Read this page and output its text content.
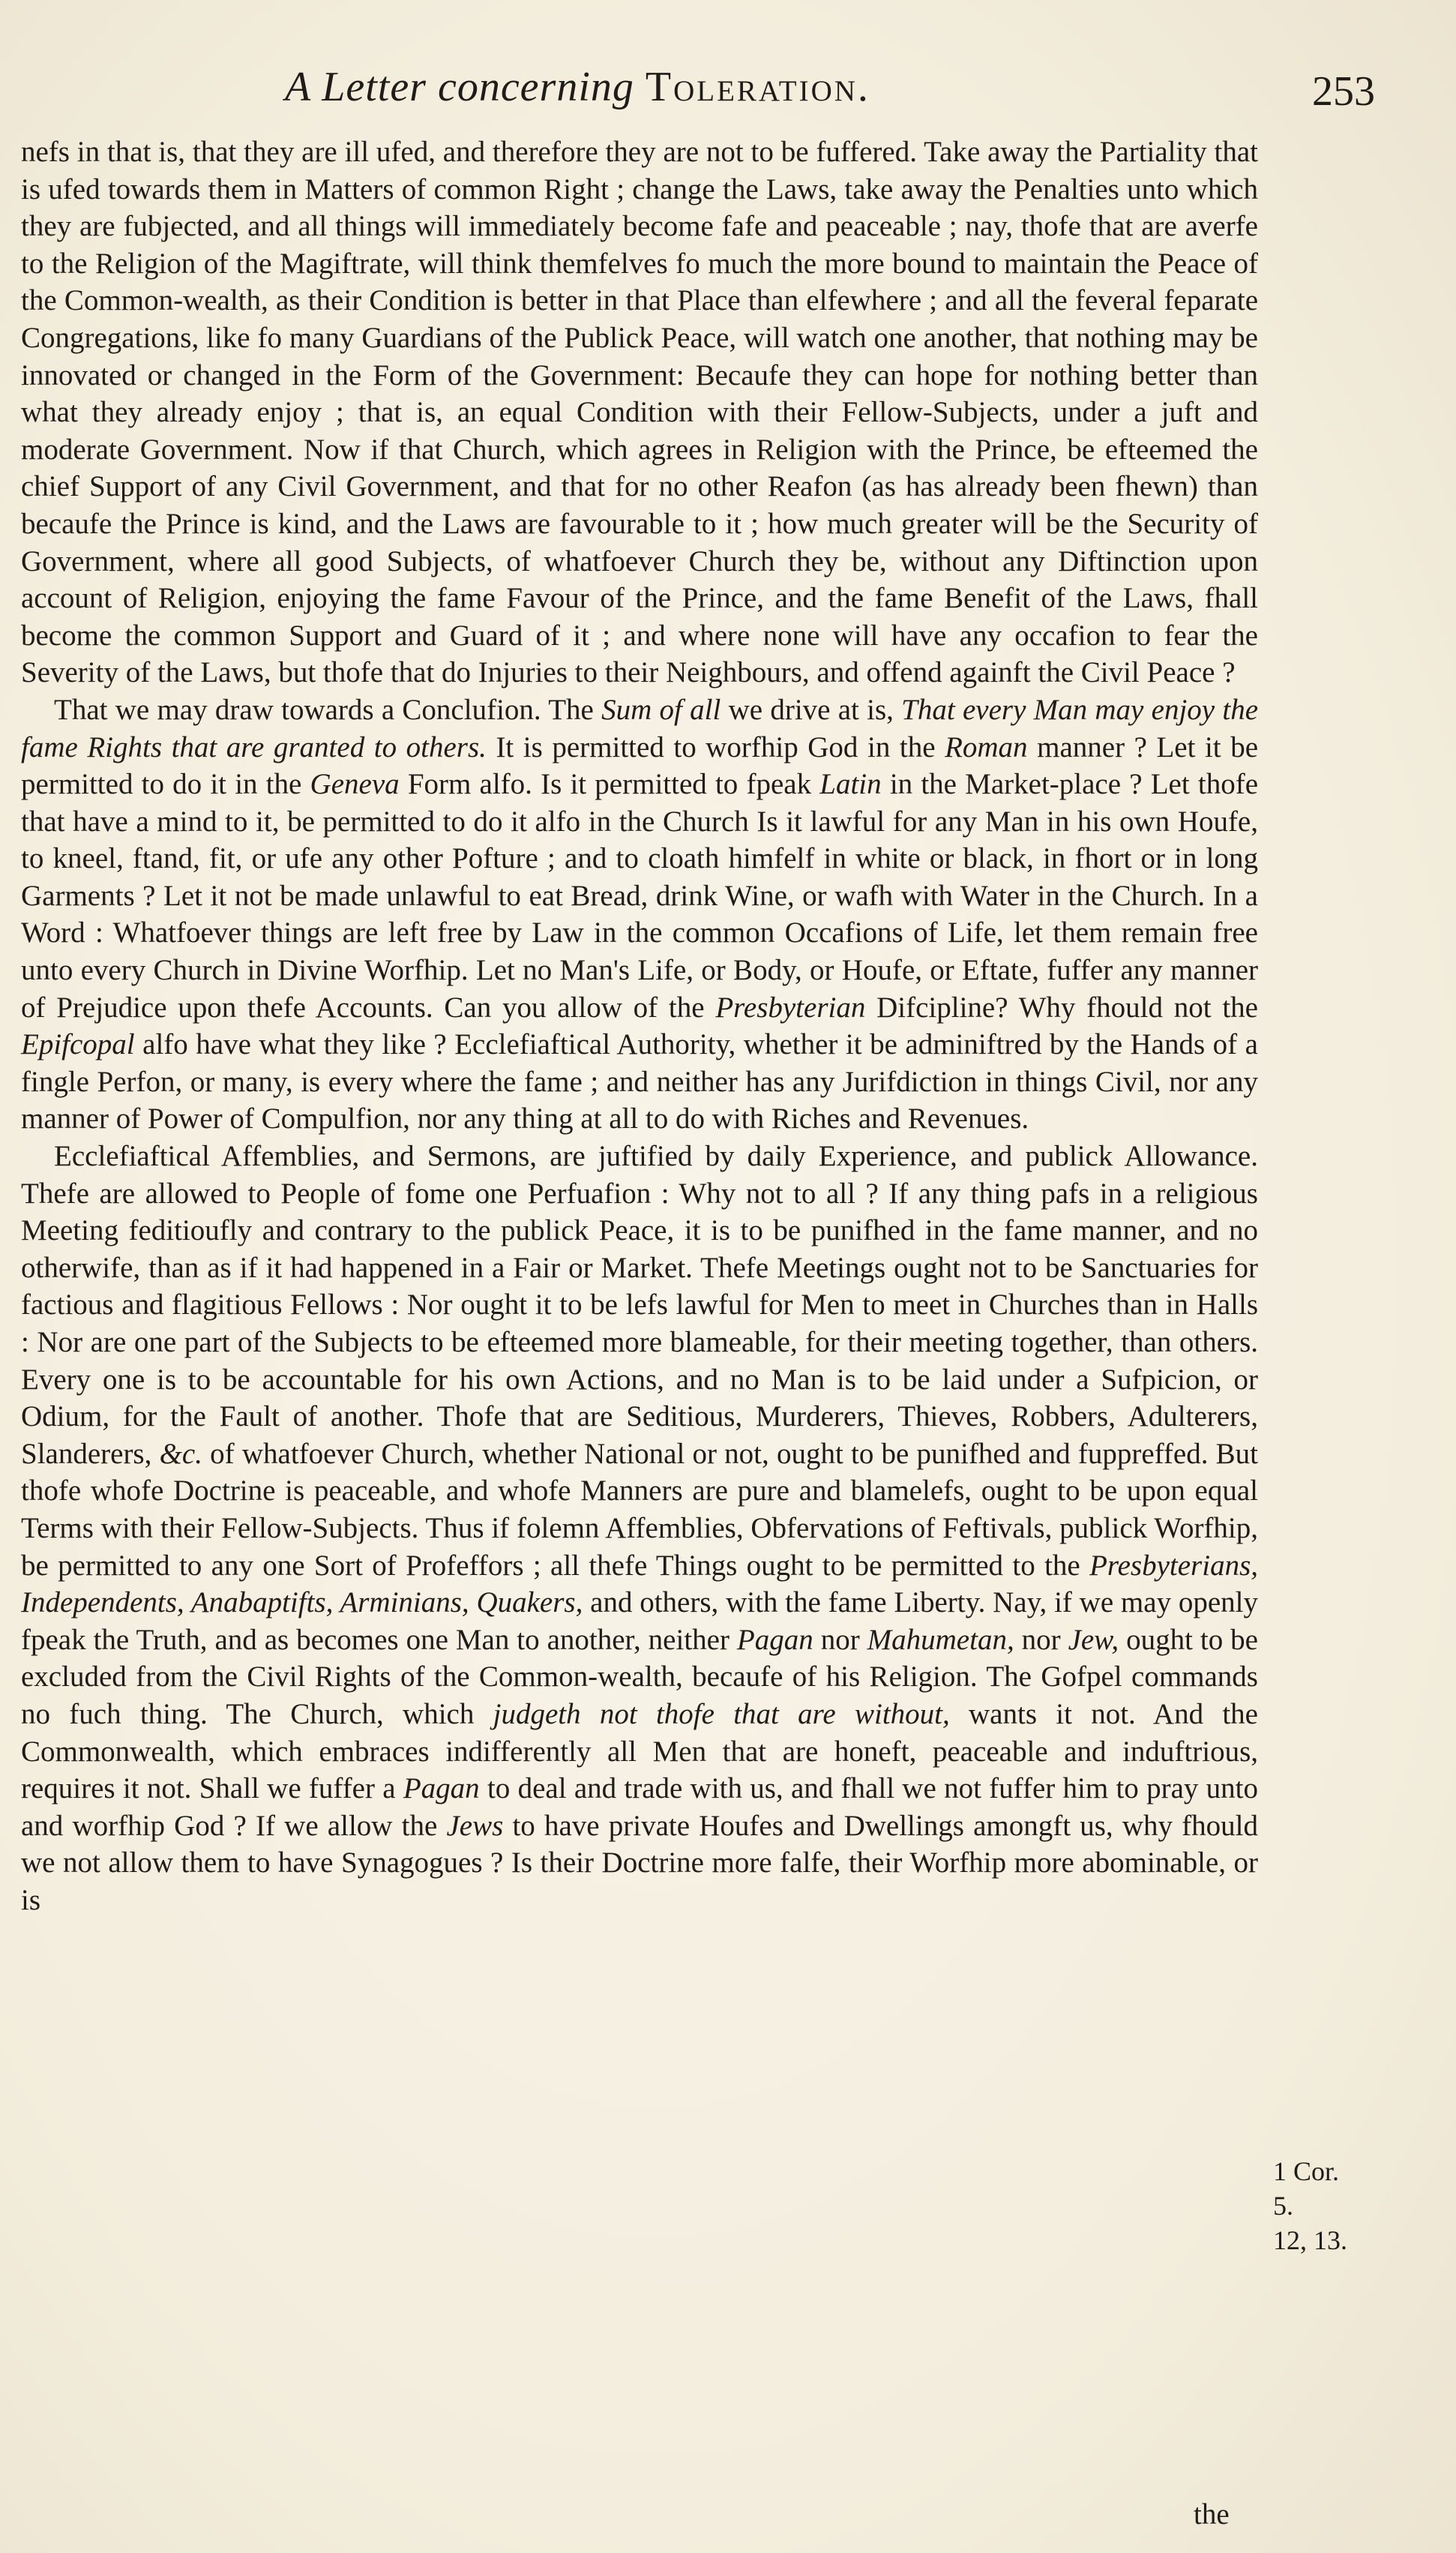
A Letter concerning Toleration.	253

nefs in that is, that they are ill ufed, and therefore they are not to be fuffered. Take away the Partiality that is ufed towards them in Matters of common Right ; change the Laws, take away the Penalties unto which they are fubjected, and all things will immediately become fafe and peaceable ; nay, thofe that are averfe to the Religion of the Magiftrate, will think themfelves fo much the more bound to maintain the Peace of the Common-wealth, as their Condition is better in that Place than elfewhere ; and all the feveral feparate Congregations, like fo many Guardians of the Publick Peace, will watch one another, that nothing may be innovated or changed in the Form of the Government: Becaufe they can hope for nothing better than what they already enjoy ; that is, an equal Condition with their Fellow-Subjects, under a juft and moderate Government. Now if that Church, which agrees in Religion with the Prince, be efteemed the chief Support of any Civil Government, and that for no other Reafon (as has already been fhewn) than becaufe the Prince is kind, and the Laws are favourable to it ; how much greater will be the Security of Government, where all good Subjects, of whatfoever Church they be, without any Diftinction upon account of Religion, enjoying the fame Favour of the Prince, and the fame Benefit of the Laws, fhall become the common Support and Guard of it ; and where none will have any occafion to fear the Severity of the Laws, but thofe that do Injuries to their Neighbours, and offend againft the Civil Peace ?

That we may draw towards a Conclufion. The Sum of all we drive at is, That every Man may enjoy the fame Rights that are granted to others. It is permitted to worfhip God in the Roman manner ? Let it be permitted to do it in the Geneva Form alfo. Is it permitted to fpeak Latin in the Market-place ? Let thofe that have a mind to it, be permitted to do it alfo in the Church Is it lawful for any Man in his own Houfe, to kneel, ftand, fit, or ufe any other Pofture ; and to cloath himfelf in white or black, in fhort or in long Garments ? Let it not be made unlawful to eat Bread, drink Wine, or wafh with Water in the Church. In a Word : Whatfoever things are left free by Law in the common Occafions of Life, let them remain free unto every Church in Divine Worfhip. Let no Man's Life, or Body, or Houfe, or Eftate, fuffer any manner of Prejudice upon thefe Accounts. Can you allow of the Presbyterian Difcipline? Why fhould not the Epifcopal alfo have what they like ? Ecclefiaftical Authority, whether it be adminiftred by the Hands of a fingle Perfon, or many, is every where the fame ; and neither has any Jurifdiction in things Civil, nor any manner of Power of Compulfion, nor any thing at all to do with Riches and Revenues.

Ecclefiaftical Affemblies, and Sermons, are juftified by daily Experience, and publick Allowance. Thefe are allowed to People of fome one Perfuafion : Why not to all ? If any thing pafs in a religious Meeting feditioufly and contrary to the publick Peace, it is to be punifhed in the fame manner, and no otherwife, than as if it had happened in a Fair or Market. Thefe Meetings ought not to be Sanctuaries for factious and flagitious Fellows : Nor ought it to be lefs lawful for Men to meet in Churches than in Halls : Nor are one part of the Subjects to be efteemed more blameable, for their meeting together, than others. Every one is to be accountable for his own Actions, and no Man is to be laid under a Sufpicion, or Odium, for the Fault of another. Thofe that are Seditious, Murderers, Thieves, Robbers, Adulterers, Slanderers, &c. of whatfoever Church, whether National or not, ought to be punifhed and fuppreffed. But thofe whofe Doctrine is peaceable, and whofe Manners are pure and blamelefs, ought to be upon equal Terms with their Fellow-Subjects. Thus if folemn Affemblies, Obfervations of Feftivals, publick Worfhip, be permitted to any one Sort of Profeffors ; all thefe Things ought to be permitted to the Presbyterians, Independents, Anabaptifts, Arminians, Quakers, and others, with the fame Liberty. Nay, if we may openly fpeak the Truth, and as becomes one Man to another, neither Pagan nor Mahumetan, nor Jew, ought to be excluded from the Civil Rights of the Common-wealth, becaufe of his Religion. The Gofpel commands no fuch thing. The Church, which judgeth not thofe that are without, wants it not. And the Commonwealth, which embraces indifferently all Men that are honeft, peaceable and induftrious, requires it not. Shall we fuffer a Pagan to deal and trade with us, and fhall we not fuffer him to pray unto and worfhip God ? If we allow the Jews to have private Houfes and Dwellings amongft us, why fhould we not allow them to have Synagogues ? Is their Doctrine more falfe, their Worfhip more abominable, or is

1 Cor. 5.
12, 13.
the
